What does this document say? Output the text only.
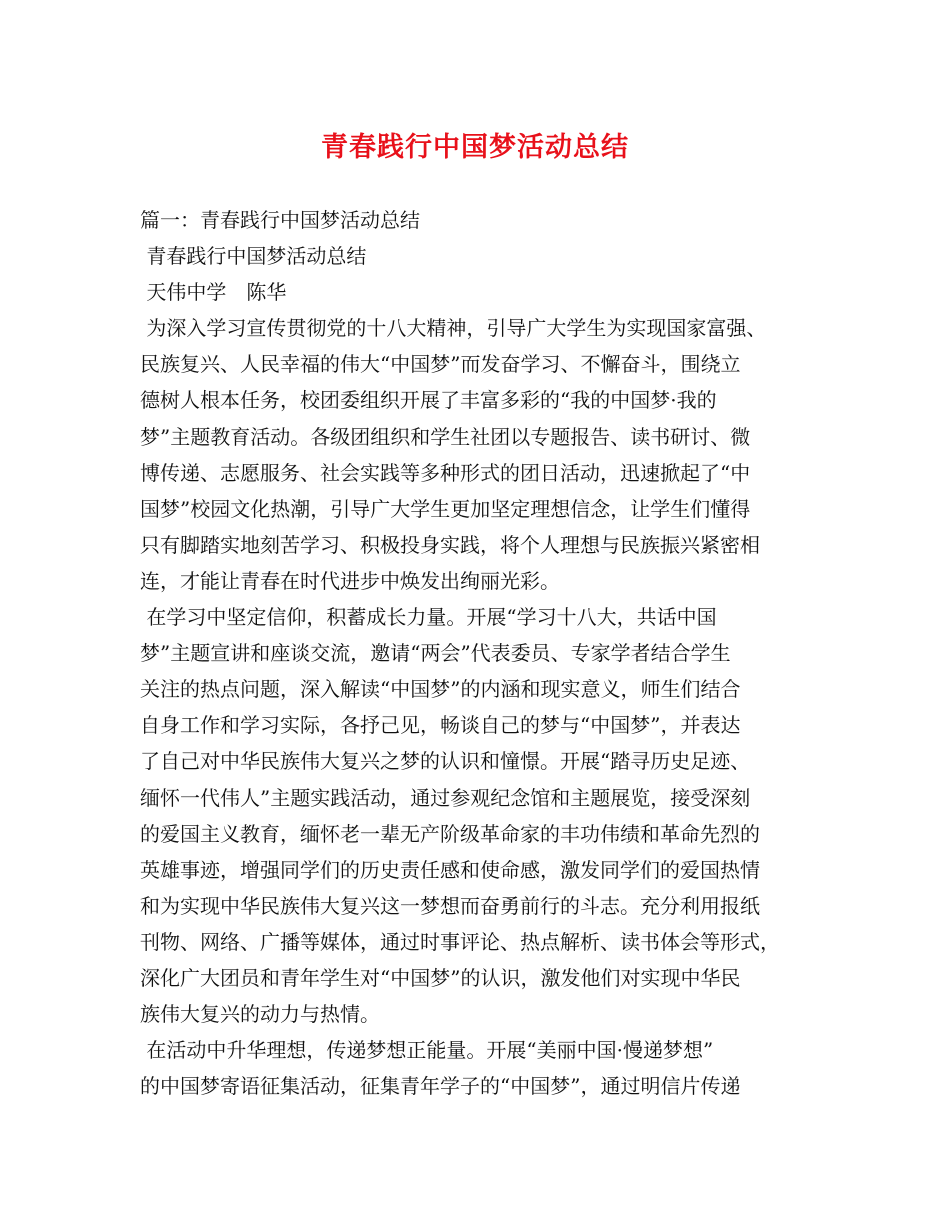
青春践行中国梦活动总结
篇一：青春践行中国梦活动总结
青春践行中国梦活动总结
天伟中学　陈华
为深入学习宣传贯彻党的十八大精神，引导广大学生为实现国家富强、
民族复兴、人民幸福的伟大“中国梦”而发奋学习、不懈奋斗，围绕立
德树人根本任务，校团委组织开展了丰富多彩的“我的中国梦·我的
梦”主题教育活动。各级团组织和学生社团以专题报告、读书研讨、微
博传递、志愿服务、社会实践等多种形式的团日活动，迅速掀起了“中
国梦”校园文化热潮，引导广大学生更加坚定理想信念，让学生们懂得
只有脚踏实地刻苦学习、积极投身实践，将个人理想与民族振兴紧密相
连，才能让青春在时代进步中焕发出绚丽光彩。
在学习中坚定信仰，积蓄成长力量。开展“学习十八大，共话中国
梦”主题宣讲和座谈交流，邀请“两会”代表委员、专家学者结合学生
关注的热点问题，深入解读“中国梦”的内涵和现实意义，师生们结合
自身工作和学习实际，各抒己见，畅谈自己的梦与“中国梦”，并表达
了自己对中华民族伟大复兴之梦的认识和憧憬。开展“踏寻历史足迹、
缅怀一代伟人”主题实践活动，通过参观纪念馆和主题展览，接受深刻
的爱国主义教育，缅怀老一辈无产阶级革命家的丰功伟绩和革命先烈的
英雄事迹，增强同学们的历史责任感和使命感，激发同学们的爱国热情
和为实现中华民族伟大复兴这一梦想而奋勇前行的斗志。充分利用报纸
刊物、网络、广播等媒体，通过时事评论、热点解析、读书体会等形式，
深化广大团员和青年学生对“中国梦”的认识，激发他们对实现中华民
族伟大复兴的动力与热情。
在活动中升华理想，传递梦想正能量。开展“美丽中国·慢递梦想”
的中国梦寄语征集活动，征集青年学子的“中国梦”，通过明信片传递
